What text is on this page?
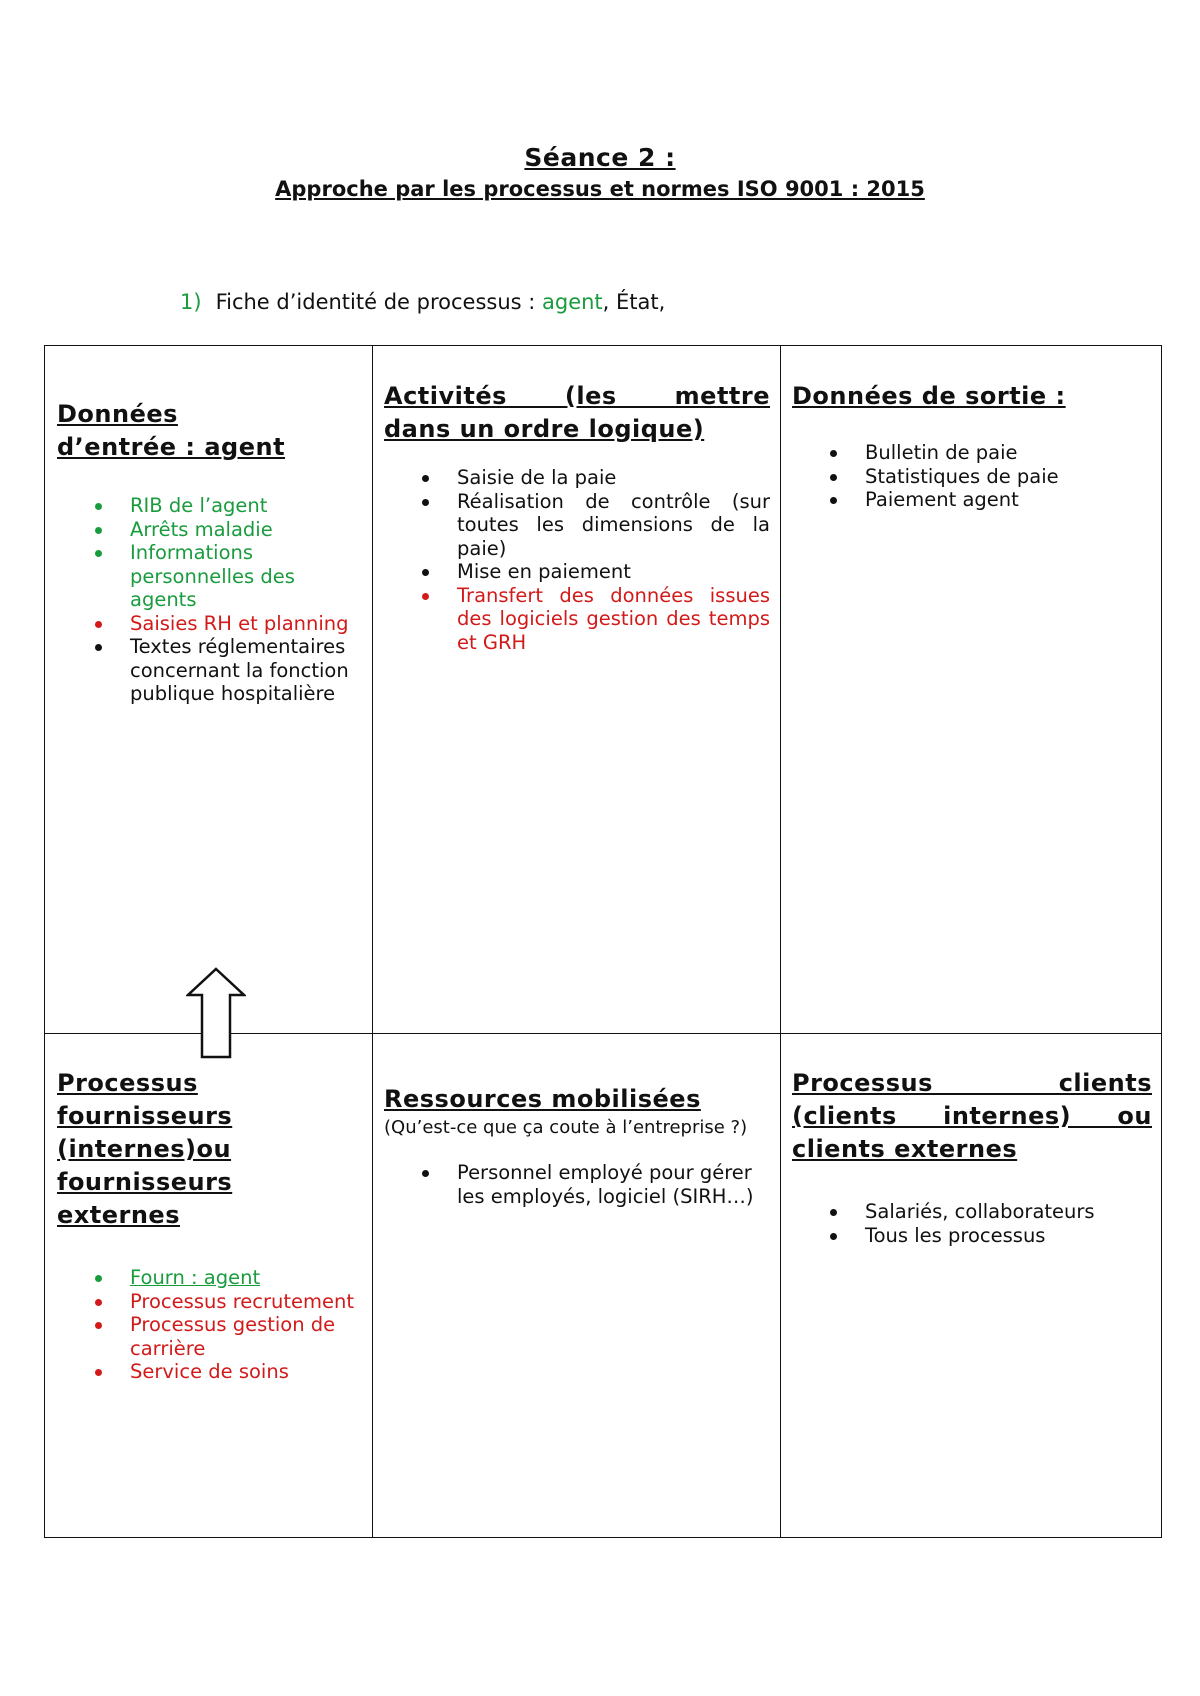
Séance 2 :

Approche par les processus et normes ISO 9001 : 2015

1) Fiche d’identité de processus : agent, État,
Données
d’entrée : agent
RIB de l’agent
Arrêts maladie
Informations personnelles des agents
Saisies RH et planning
Textes réglementaires concernant la fonction publique hospitalière
Activités (les mettre
dans un ordre logique)
Saisie de la paie
Réalisation de contrôle (sur toutes les dimensions de la paie)
Mise en paiement
Transfert des données issues des logiciels gestion des temps et GRH
Données de sortie :
Bulletin de paie
Statistiques de paie
Paiement agent
Processus
fournisseurs
(internes)ou
fournisseurs
externes
Fourn : agent
Processus recrutement
Processus gestion de carrière
Service de soins
Ressources mobilisées

(Qu’est-ce que ça coute à l’entreprise ?)

Personnel employé pour gérer les employés, logiciel (SIRH…)
Processus clients
(clients internes) ou
clients externes
Salariés, collaborateurs
Tous les processus
